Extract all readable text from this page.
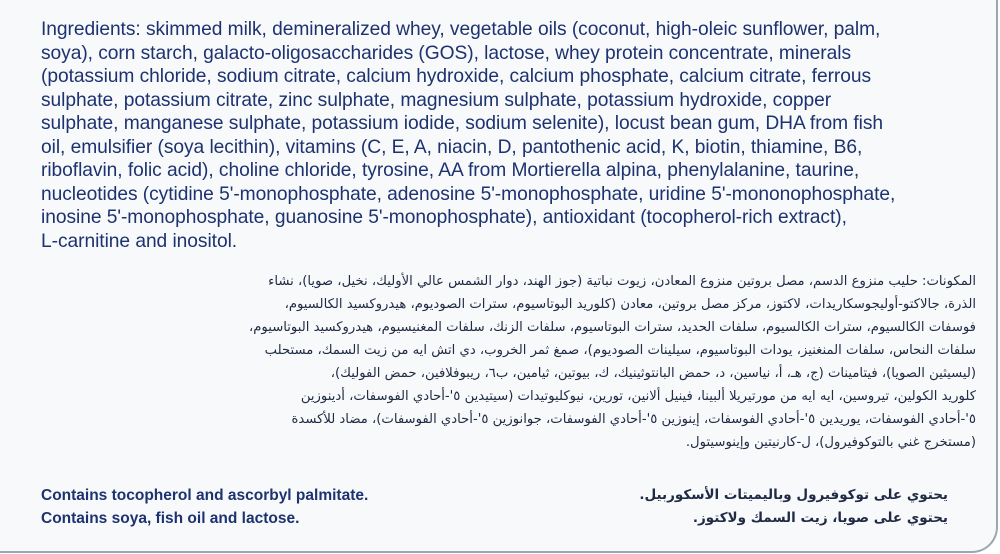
Ingredients: skimmed milk, demineralized whey, vegetable oils (coconut, high-oleic sunflower, palm,
soya), corn starch, galacto-oligosaccharides (GOS), lactose, whey protein concentrate, minerals
(potassium chloride, sodium citrate, calcium hydroxide, calcium phosphate, calcium citrate, ferrous
sulphate, potassium citrate, zinc sulphate, magnesium sulphate, potassium hydroxide, copper
sulphate, manganese sulphate, potassium iodide, sodium selenite), locust bean gum, DHA from fish
oil, emulsifier (soya lecithin), vitamins (C, E, A, niacin, D, pantothenic acid, K, biotin, thiamine, B6,
riboflavin, folic acid), choline chloride, tyrosine, AA from Mortierella alpina, phenylalanine, taurine,
nucleotides (cytidine 5'-monophosphate, adenosine 5'-monophosphate, uridine 5'-mononophosphate,
inosine 5'-monophosphate, guanosine 5'-monophosphate), antioxidant (tocopherol-rich extract),
L-carnitine and inositol.

المكونات: حليب منزوع الدسم، مصل بروتين منزوع المعادن، زيوت نباتية (جوز الهند، دوار الشمس عالي الأوليك، نخيل، صويا)، نشاء
الذرة، جالاكتو-أوليجوسكاريدات، لاكتوز، مركز مصل بروتين، معادن (كلوريد البوتاسيوم، سترات الصوديوم، هيدروكسيد الكالسيوم،
فوسفات الكالسيوم، سترات الكالسيوم، سلفات الحديد، سترات البوتاسيوم، سلفات الزنك، سلفات المغنيسيوم، هيدروكسيد البوتاسيوم،
سلفات النحاس، سلفات المنغنيز، يودات البوتاسيوم، سيلينات الصوديوم)، صمغ ثمر الخروب، دي اتش ايه من زيت السمك، مستحلب
(ليسيثين الصويا)، فيتامينات (ج، هـ، أ، نياسين، د، حمض البانتوثينيك، ك، بيوتين، ثيامين، ب٦، ريبوفلافين، حمض الفوليك)،
كلوريد الكولين، تيروسين، ايه ايه من مورتيريلا ألبينا، فينيل ألانين، تورين، نيوكليوتيدات (سيتيدين ٥'-أحادي الفوسفات، أدينوزين
٥'-أحادي الفوسفات، يوريدين ٥'-أحادي الفوسفات، إينوزين ٥'-أحادي الفوسفات، جوانوزين ٥'-أحادي الفوسفات)، مضاد للأكسدة
(مستخرج غني بالتوكوفيرول)، ل-كارنيتين وإينوسيتول.

Contains tocopherol and ascorbyl palmitate.
Contains soya, fish oil and lactose.

يحتوي على توكوفيرول وباليميتات الأسكوربيل.
يحتوي على صويا، زيت السمك ولاكتوز.
